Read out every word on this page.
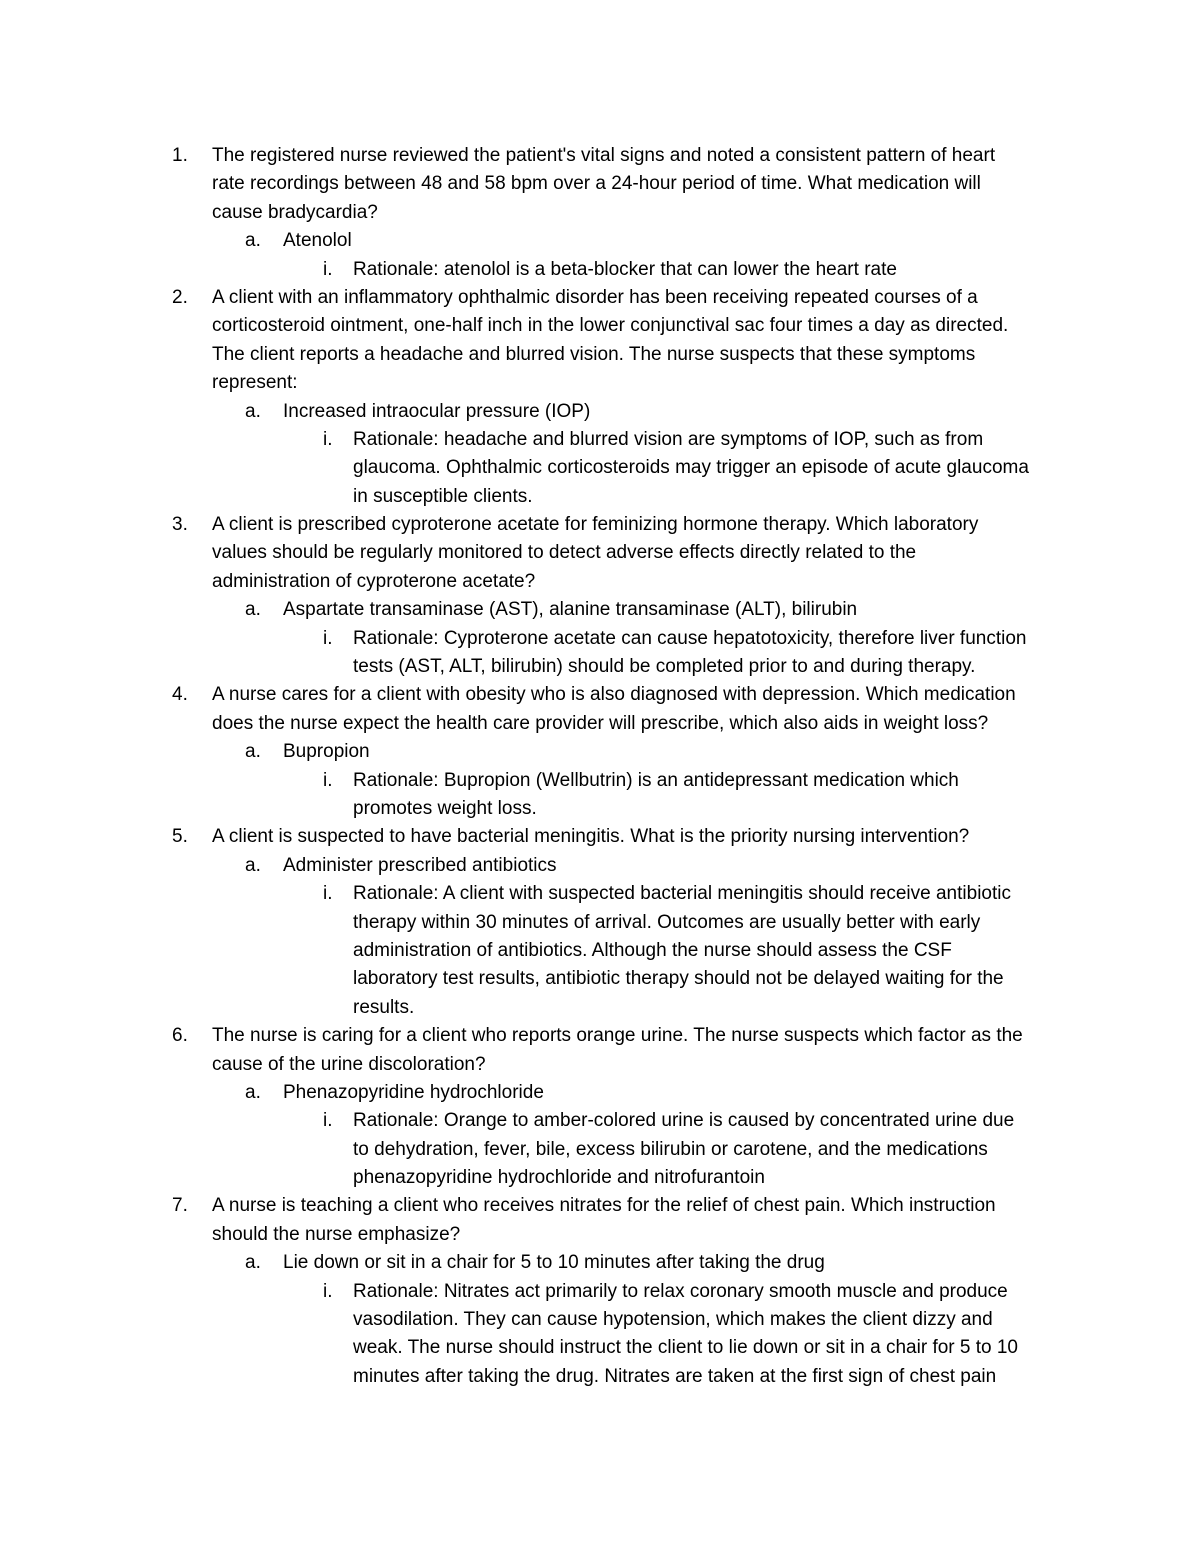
1. The registered nurse reviewed the patient's vital signs and noted a consistent pattern of heart
rate recordings between 48 and 58 bpm over a 24-hour period of time. What medication will
cause bradycardia?
a. Atenolol
i. Rationale: atenolol is a beta-blocker that can lower the heart rate
2. A client with an inflammatory ophthalmic disorder has been receiving repeated courses of a
corticosteroid ointment, one-half inch in the lower conjunctival sac four times a day as directed.
The client reports a headache and blurred vision. The nurse suspects that these symptoms
represent:
a. Increased intraocular pressure (IOP)
i. Rationale: headache and blurred vision are symptoms of IOP, such as from
glaucoma. Ophthalmic corticosteroids may trigger an episode of acute glaucoma
in susceptible clients.
3. A client is prescribed cyproterone acetate for feminizing hormone therapy. Which laboratory
values should be regularly monitored to detect adverse effects directly related to the
administration of cyproterone acetate?
a. Aspartate transaminase (AST), alanine transaminase (ALT), bilirubin
i. Rationale: Cyproterone acetate can cause hepatotoxicity, therefore liver function
tests (AST, ALT, bilirubin) should be completed prior to and during therapy.
4. A nurse cares for a client with obesity who is also diagnosed with depression. Which medication
does the nurse expect the health care provider will prescribe, which also aids in weight loss?
a. Bupropion
i. Rationale: Bupropion (Wellbutrin) is an antidepressant medication which
promotes weight loss.
5. A client is suspected to have bacterial meningitis. What is the priority nursing intervention?
a. Administer prescribed antibiotics
i. Rationale: A client with suspected bacterial meningitis should receive antibiotic
therapy within 30 minutes of arrival. Outcomes are usually better with early
administration of antibiotics. Although the nurse should assess the CSF
laboratory test results, antibiotic therapy should not be delayed waiting for the
results.
6. The nurse is caring for a client who reports orange urine. The nurse suspects which factor as the
cause of the urine discoloration?
a. Phenazopyridine hydrochloride
i. Rationale: Orange to amber-colored urine is caused by concentrated urine due
to dehydration, fever, bile, excess bilirubin or carotene, and the medications
phenazopyridine hydrochloride and nitrofurantoin
7. A nurse is teaching a client who receives nitrates for the relief of chest pain. Which instruction
should the nurse emphasize?
a. Lie down or sit in a chair for 5 to 10 minutes after taking the drug
i. Rationale: Nitrates act primarily to relax coronary smooth muscle and produce
vasodilation. They can cause hypotension, which makes the client dizzy and
weak. The nurse should instruct the client to lie down or sit in a chair for 5 to 10
minutes after taking the drug. Nitrates are taken at the first sign of chest pain
